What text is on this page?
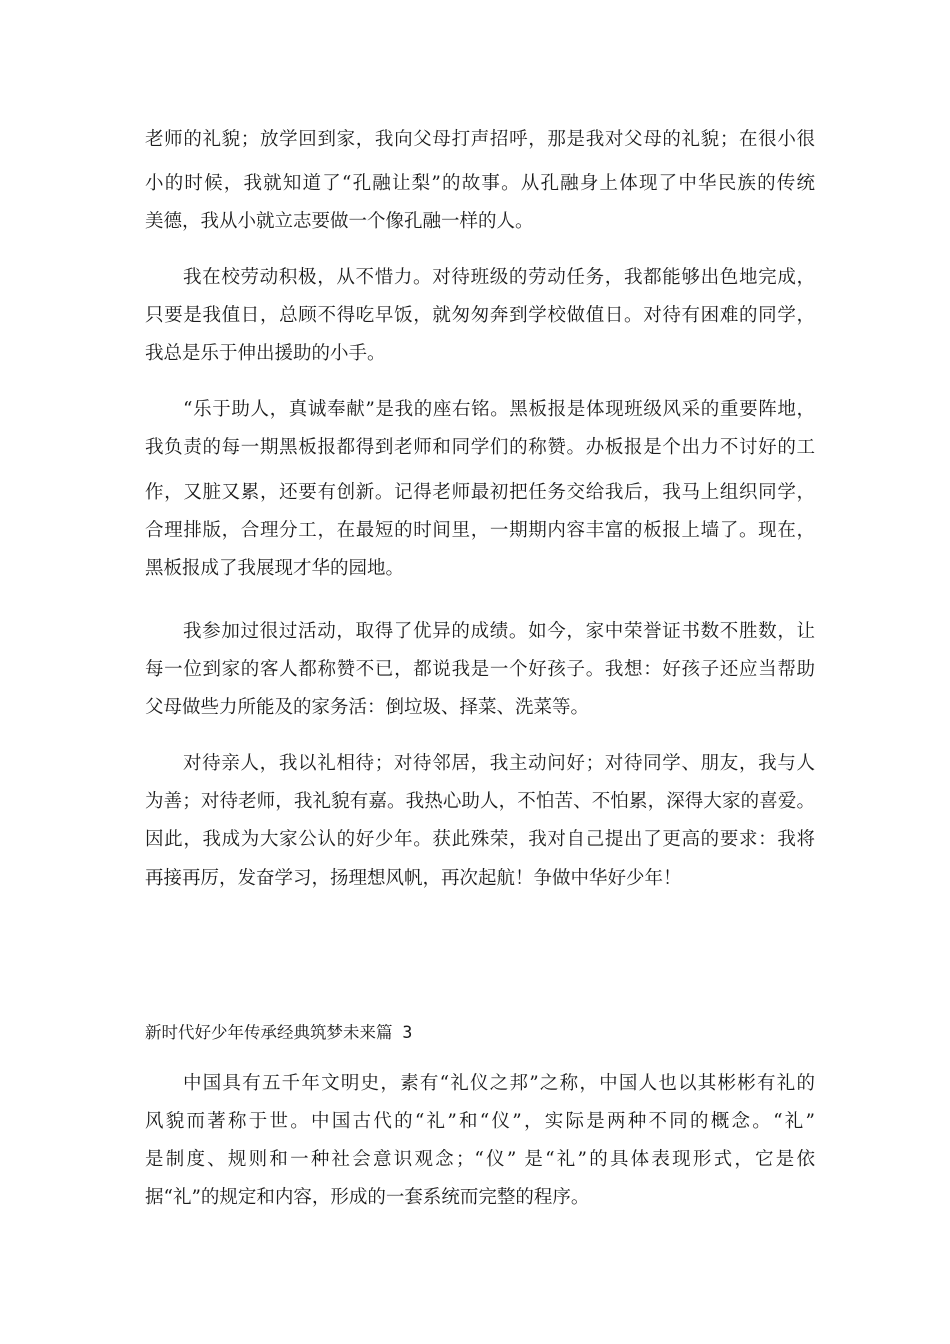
老师的礼貌；放学回到家，我向父母打声招呼，那是我对父母的礼貌；在很小很
小的时候，我就知道了“孔融让梨”的故事。从孔融身上体现了中华民族的传统
美德，我从小就立志要做一个像孔融一样的人。
我在校劳动积极，从不惜力。对待班级的劳动任务，我都能够出色地完成，
只要是我值日，总顾不得吃早饭，就匆匆奔到学校做值日。对待有困难的同学，
我总是乐于伸出援助的小手。
“乐于助人，真诚奉献”是我的座右铭。黑板报是体现班级风采的重要阵地，
我负责的每一期黑板报都得到老师和同学们的称赞。办板报是个出力不讨好的工
作，又脏又累，还要有创新。记得老师最初把任务交给我后，我马上组织同学，
合理排版，合理分工，在最短的时间里，一期期内容丰富的板报上墙了。现在，
黑板报成了我展现才华的园地。
我参加过很过活动，取得了优异的成绩。如今，家中荣誉证书数不胜数，让
每一位到家的客人都称赞不已，都说我是一个好孩子。我想：好孩子还应当帮助
父母做些力所能及的家务活：倒垃圾、择菜、洗菜等。
对待亲人，我以礼相待；对待邻居，我主动问好；对待同学、朋友，我与人
为善；对待老师，我礼貌有嘉。我热心助人，不怕苦、不怕累，深得大家的喜爱。
因此，我成为大家公认的好少年。获此殊荣，我对自己提出了更高的要求：我将
再接再厉，发奋学习，扬理想风帆，再次起航！争做中华好少年！
新时代好少年传承经典筑梦未来篇 3
中国具有五千年文明史，素有“礼仪之邦”之称，中国人也以其彬彬有礼的
风貌而著称于世。中国古代的“礼”和“仪”，实际是两种不同的概念。“礼”
是制度、规则和一种社会意识观念；“仪” 是“礼”的具体表现形式，它是依
据“礼”的规定和内容，形成的一套系统而完整的程序。
